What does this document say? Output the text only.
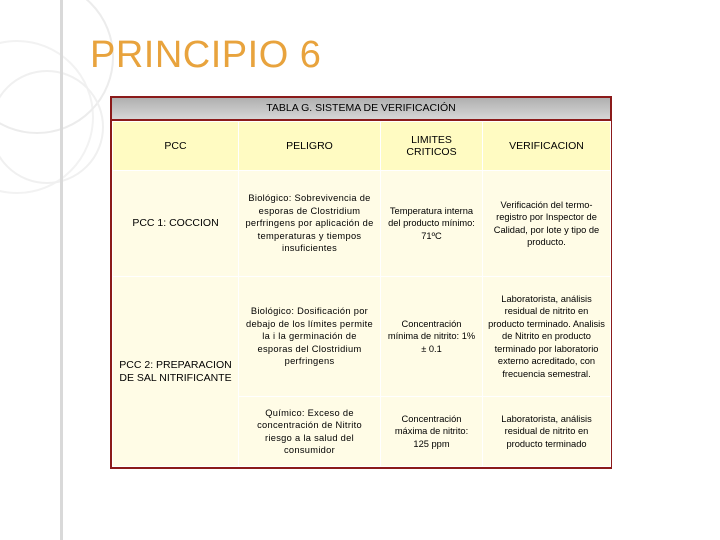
PRINCIPIO 6
TABLA G. SISTEMA DE VERIFICACIÓN
PCC	PELIGRO	LIMITES CRITICOS	VERIFICACION
PCC 1: COCCION	Biológico: Sobrevivencia de esporas de Clostridium perfringens por aplicación de temperaturas y tiempos insuficientes	Temperatura interna del producto mínimo: 71ºC	Verificación del termo-registro por Inspector de Calidad, por lote y tipo de producto.
PCC 2: PREPARACION DE SAL NITRIFICANTE	Biológico: Dosificación por debajo de los límites permite la i la germinación de esporas del Clostridium perfringens	Concentración mínima de nitrito: 1% ± 0.1	Laboratorista, análisis residual de nitrito en producto terminado. Analisis de Nitrito en producto terminado por laboratorio externo acreditado, con frecuencia semestral.
	Químico: Exceso de concentración de Nitrito riesgo a la salud del consumidor	Concentración máxima de nitrito: 125 ppm	Laboratorista, análisis residual de nitrito en producto terminado
